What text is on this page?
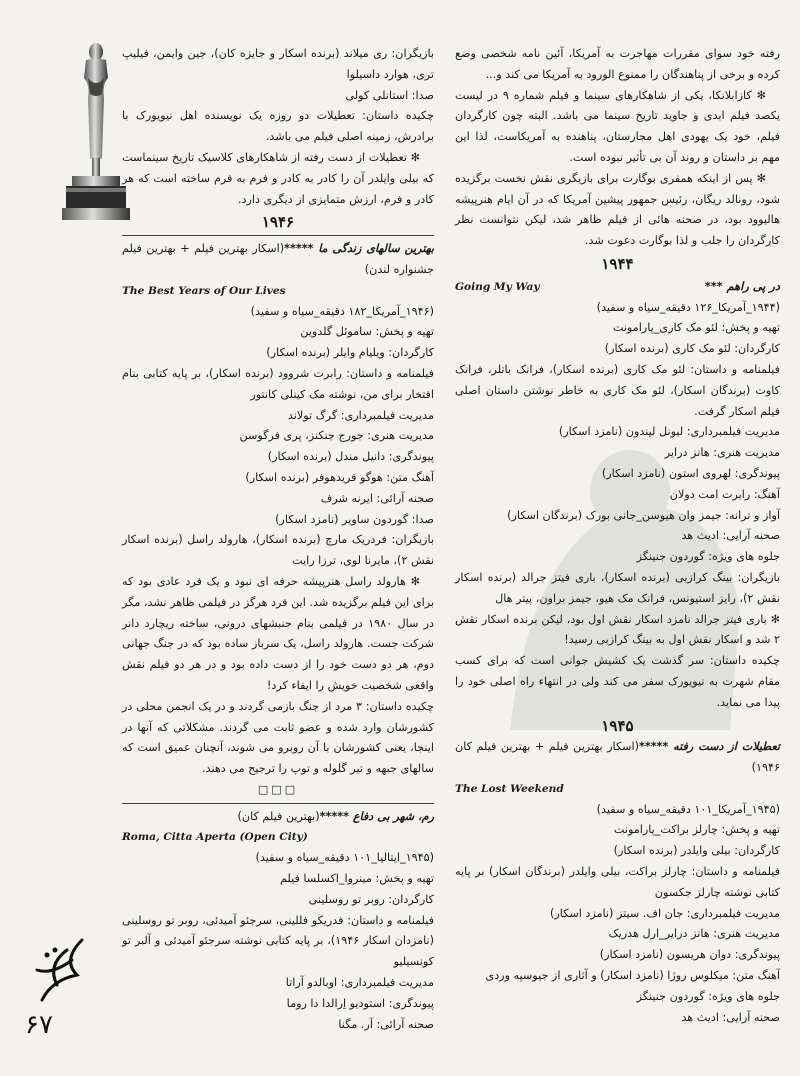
رفته خود سوای مقررات مهاجرت به آمریکا، آئین نامه شخصی وضع کرده و برخی از پناهندگان را ممنوع الورود به آمریکا می کند و...

✻ کازابلانکا، یکی از شاهکارهای سینما و فیلم شماره ۹ در لیست یکصد فیلم ابدی و جاوید تاریخ سینما می باشد. البته چون کارگردان فیلم، خود یک یهودی اهل مجارستان، پناهنده به آمریکاست، لذا این مهم بر داستان و روند آن بی تأثیر نبوده است.

✻ پس از اینکه همفری بوگارت برای بازیگری نقش نخست برگزیده شود، رونالد ریگان، رئیس جمهور پیشین آمریکا که در آن ایام هنرپیشه هالیوود بود، در صحنه هائی از فیلم ظاهر شد، لیکن نتوانست نظر کارگردان را جلب و لذا بوگارت دعوت شد.

۱۹۴۴
در پی راهم ***
Going My Way

(۱۹۴۴_آمریکا_۱۲۶ دقیقه_سیاه و سفید)

تهیه و پخش: لئو مک کاری_پارامونت

کارگردان: لئو مک کاری (برنده اسکار)

فیلمنامه و داستان: لئو مک کاری (برنده اسکار)، فرانک باتلر، فرانک کاوت (برندگان اسکار)، لئو مک کاری به خاطر نوشتن داستان اصلی فیلم اسکار گرفت.

مدیریت فیلمبرداری: لیونل لیندون (نامزد اسکار)

مدیریت هنری: هانز درایر

پیوندگری: لهروی استون (نامزد اسکار)

آهنگ: رابرت امت دولان

آواز و ترانه: جیمز وان هیوسن_جانی بورک (برندگان اسکار)

صحنه آرایی: ادیث هد

جلوه های ویژه: گوردون جنینگز

بازیگران: بینگ کرازبی (برنده اسکار)، باری فیتز جرالد (برنده اسکار نقش ۲)، رایز استیونس، فرانک مک هیو، جیمز براون، پیتر هال

✻ باری فیتز جرالد نامزد اسکار نقش اول بود، لیکن برنده اسکار نقش ۲ شد و اسکار نقش اول به بینگ کرازبی رسید!

چکیده داستان: سر گذشت یک کشیش جوانی است که برای کسب مقام شهرت به نیویورک سفر می کند ولی در انتهاء راه اصلی خود را پیدا می نماید.

۱۹۴۵

تعطیلات از دست رفته *****(اسکار بهترین فیلم + بهترین فیلم کان ۱۹۴۶)

The Lost Weekend

(۱۹۴۵_آمریکا_۱۰۱ دقیقه_سیاه و سفید)

تهیه و پخش: چارلز براکت_پارامونت

کارگردان: بیلی وایلدر (برنده اسکار)

فیلمنامه و داستان: چارلز براکت، بیلی وایلدر (برندگان اسکار) بر پایه کتابی نوشته چارلز جکسون

مدیریت فیلمبرداری: جان اف. سیتز (نامزد اسکار)

مدیریت هنری: هانز درایر_ارل هدریک

پیوندگری: دوان هریسون (نامزد اسکار)

آهنگ متن: میکلوس روژا (نامزد اسکار) و آثاری از جیوسپه وردی

جلوه های ویژه: گوردون جنینگز

صحنه آرایی: ادیث هد

بازیگران: ری میلاند (برنده اسکار و جایزه کان)، جین وایمن، فیلیپ تری، هوارد داسیلوا

صدا: استانلی کولی

چکیده داستان: تعطیلات دو روزه یک نویسنده اهل نیویورک با برادرش، زمینه اصلی فیلم می باشد.

✻ تعطیلات از دست رفته از شاهکارهای کلاسیک تاریخ سینماست که بیلی وایلدر آن را کادر به کادر و فرم به فرم ساخته است که هر کادر و فرم، ارزش متمایزی از دیگری دارد.

۱۹۴۶

بهترین سالهای زندگی ما *****(اسکار بهترین فیلم + بهترین فیلم جشنواره لندن)

The Best Years of Our Lives

(۱۹۴۶_آمریکا_۱۸۲ دقیقه_سیاه و سفید)

تهیه و پخش: ساموئل گلدوین

کارگردان: ویلیام وایلر (برنده اسکار)

فیلمنامه و داستان: رابرت شروود (برنده اسکار)، بر پایه کتابی بنام افتخار برای من، نوشته مک کینلی کانتور

مدیریت فیلمبرداری: گرگ تولاند

مدیریت هنری: جورج جنکنز، پری فرگوسن

پیوندگری: دانیل مندل (برنده اسکار)

آهنگ متن: هوگو فریدهوفر (برنده اسکار)

صحنه آرائی: ایرنه شرف

صدا: گوردون ساویر (نامزد اسکار)

بازیگران: فردریک مارچ (برنده اسکار)، هارولد راسل (برنده اسکار نقش ۲)، مایرنا لوی، ترزا رایت

✻ هارولد راسل هنرپیشه حرفه ای نبود و یک فرد عادی بود که برای این فیلم برگزیده شد. این فرد هرگز در فیلمی ظاهر نشد، مگر در سال ۱۹۸۰ در فیلمی بنام جنبشهای درونی، ساخته ریچارد دانر شرکت جست. هارولد راسل، یک سرباز ساده بود که در جنگ جهانی دوم، هر دو دست خود را از دست داده بود و در هر دو فیلم نقش واقعی شخصیت خویش را ایفاء کرد!

چکیده داستان: ۳ مرد از جنگ بازمی گردند و در یک انجمن محلی در کشورشان وارد شده و عضو ثابت می گردند. مشکلاتی که آنها در اینجا، یعنی کشورشان با آن روبرو می شوند، آنچنان عمیق است که سالهای جبهه و تیر گلوله و توپ را ترجیح می دهند.

□□□

رم، شهر بی دفاع *****(بهترین فیلم کان)

Roma, Citta Aperta (Open City)

(۱۹۴۵_ایتالیا_۱۰۱ دقیقه_سیاه و سفید)

تهیه و پخش: مینروا_اکسلسا فیلم

کارگردان: روبر تو روسلینی

فیلمنامه و داستان: فدریکو فللینی، سرجئو آمیدئی، روبر تو روسلینی (نامزدان اسکار ۱۹۴۶)، بر پایه کتابی نوشته سرجئو آمیدئی و آلبر تو کونسیلیو

مدیریت فیلمبرداری: اوبالدو آراتا

پیوندگری: استودیو اِرالدا دا روما

صحنه آرائی: آر. مگنا

۶۷
